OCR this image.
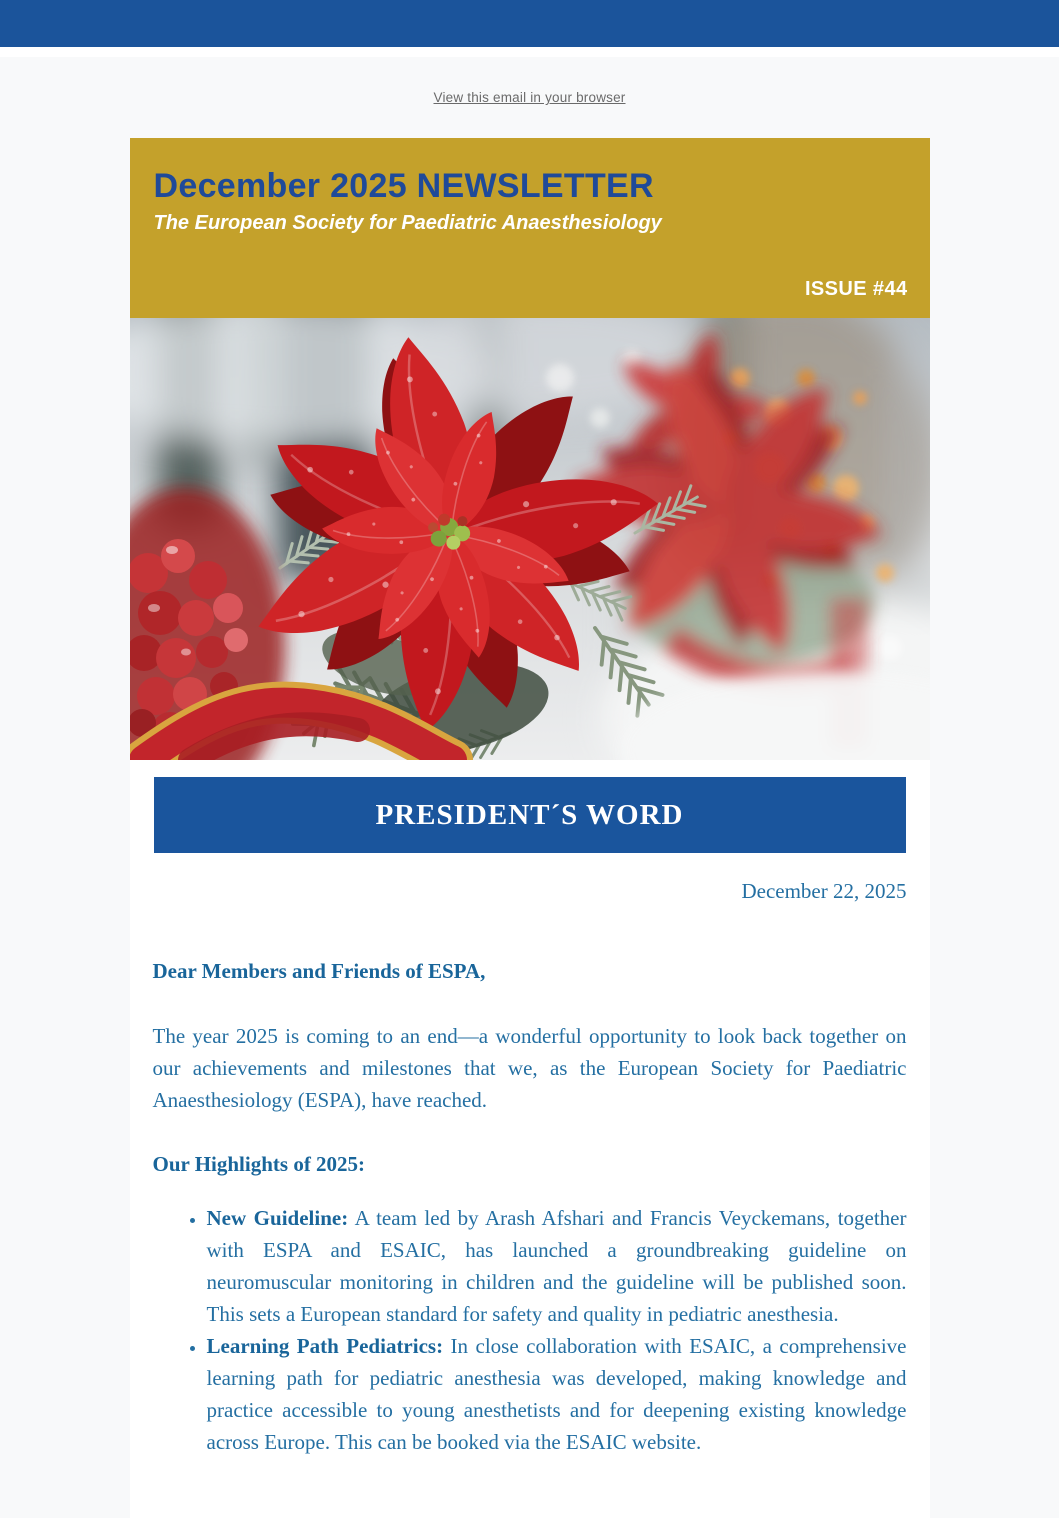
View this email in your browser
December 2025 NEWSLETTER
The European Society for Paediatric Anaesthesiology
ISSUE #44
PRESIDENT´S WORD

December 22, 2025

Dear Members and Friends of ESPA,

The year 2025 is coming to an end—a wonderful opportunity to look back together on our achievements and milestones that we, as the European Society for Paediatric Anaesthesiology (ESPA), have reached.

Our Highlights of 2025:

• New Guideline: A team led by Arash Afshari and Francis Veyckemans, together with ESPA and ESAIC, has launched a groundbreaking guideline on neuromuscular monitoring in children and the guideline will be published soon. This sets a European standard for safety and quality in pediatric anesthesia.
• Learning Path Pediatrics: In close collaboration with ESAIC, a comprehensive learning path for pediatric anesthesia was developed, making knowledge and practice accessible to young anesthetists and for deepening existing knowledge across Europe. This can be booked via the ESAIC website.
